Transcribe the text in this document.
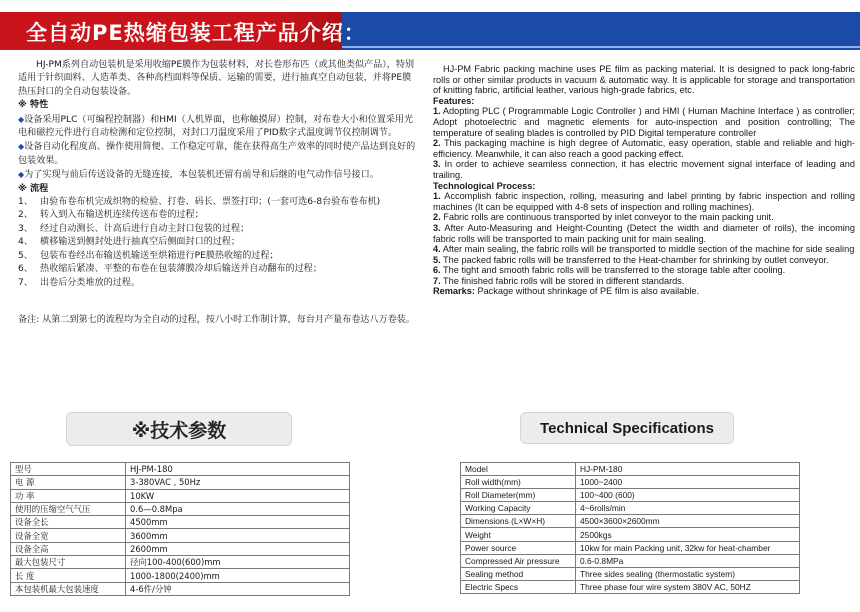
全自动PE热缩包装工程产品介绍：

HJ-PM系列自动包装机是采用收缩PE膜作为包装材料，对长卷形布匹（或其他类似产品），特别适用于针织面料、人造革类、各种高档面料等保质、运输的需要，进行抽真空自动包装，并将PE膜热压封口的全自动包装设备。

※ 特性

◆设备采用PLC（可编程控制器）和HMI（人机界面，也称触摸屏）控制，对布卷大小和位置采用光电和磁控元件进行自动检测和定位控制，对封口刀温度采用了PID数字式温度调节仪控制调节。

◆设备自动化程度高、操作使用简便、工作稳定可靠，能在获得高生产效率的同时使产品达到良好的包装效果。

◆为了实现与前后传送设备的无缝连接，本包装机还留有前导和后继的电气动作信号接口。

※ 流程

1、 由验布卷布机完成织物的检验、打卷、码长、票签打印；(一套可选6-8台验布卷布机)
2、 转入到入布输送机连续传送布卷的过程；
3、 经过自动测长、计高后进行自动主封口包装的过程；
4、 横移输送到侧封处进行抽真空后侧面封口的过程；
5、 包装布卷经出布输送机输送至烘箱进行PE膜热收缩的过程；
6、 热收缩后紧凑、平整的布卷在包装薄膜冷却后输送并自动翻布的过程；
7、 出卷后分类堆放的过程。

备注: 从第二到第七的流程均为全自动的过程，按八小时工作制计算，每台月产量布卷达八万卷装。

HJ-PM Fabric packing machine uses PE film as packing material. It is designed to pack long-fabric rolls or other similar products in vacuum & automatic way. It is applicable for storage and transportation of knitting fabric, artificial leather, various high-grade fabrics, etc.

Features:

1. Adopting PLC ( Programmable Logic Controller ) and HMI ( Human Machine Interface ) as controller; Adopt photoelectric and magnetic elements for auto-inspection and position controlling; The temperature of sealing blades is controlled by PID Digital temperature controller

2. This packaging machine is high degree of Automatic, easy operation, stable and reliable and high-efficiency. Meanwhile, it can also reach a good packing effect.

3. In order to achieve seamless connection, it has electric movement signal interface of leading and trailing.

Technological Process:

1. Accomplish fabric inspection, rolling, measuring and label printing by fabric inspection and rolling machines (It can be equipped with 4-8 sets of inspection and rolling machines).

2. Fabric rolls are continuous transported by inlet conveyor to the main packing unit.

3. After Auto-Measuring and Height-Counting (Detect the width and diameter of rolls), the incoming fabric rolls will be transported to main packing unit for main sealing.

4. After main sealing, the fabric rolls will be transported to middle section of the machine for side sealing

5. The packed fabric rolls will be transferred to the Heat-chamber for shrinking by outlet conveyor.

6. The tight and smooth fabric rolls will be transferred to the storage table after cooling.

7. The finished fabric rolls will be stored in different standards.

Remarks: Package without shrinkage of PE film is also available.

※技术参数	Technical Specifications
型号	HJ-PM-180
电 源	3-380VAC , 50Hz
功 率	10KW
使用的压缩空气气压	0.6—0.8Mpa
设备全长	4500mm
设备全宽	3600mm
设备全高	2600mm
最大包装尺寸	径向100-400(600)mm
长 度	1000-1800(2400)mm
本包装机最大包装速度	4-6件/分钟
Model	HJ-PM-180
Roll width(mm)	1000~2400
Roll Diameter(mm)	100~400 (600)
Working Capacity	4~6rolls/min
Dimensions (L×W×H)	4500×3600×2600mm
Weight	2500kgs
Power source	10kw for main Packing unit, 32kw for heat-chamber
Compressed Air pressure	0.6-0.8MPa
Sealing method	Three sides sealing (thermostatic system)
Electric Specs	Three phase four wire system 380V AC, 50HZ
